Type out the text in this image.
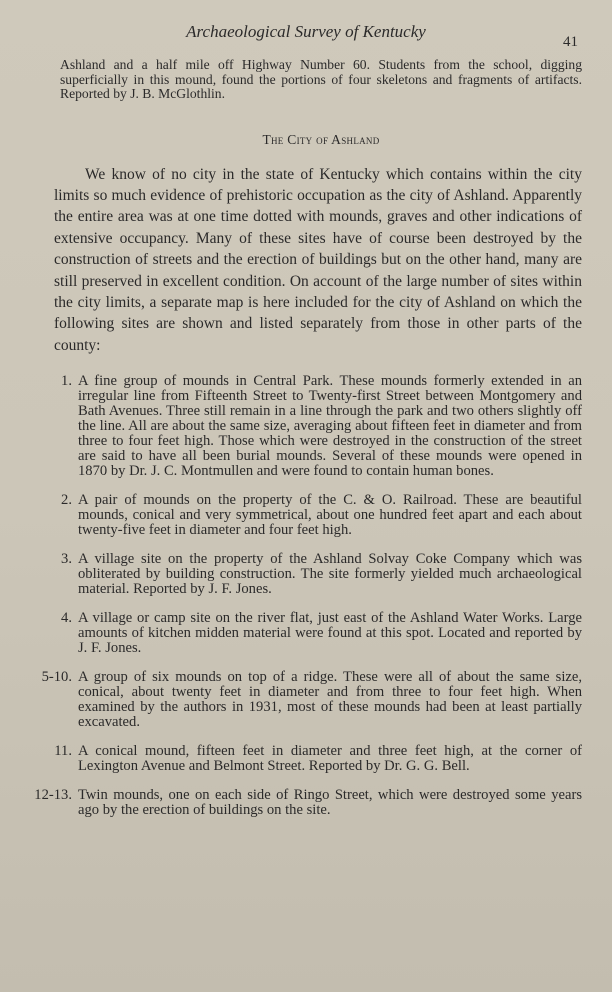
Archaeological Survey of Kentucky
41

Ashland and a half mile off Highway Number 60. Students from the school, digging superficially in this mound, found the portions of four skeletons and fragments of artifacts. Reported by J. B. McGlothlin.

The City of Ashland

We know of no city in the state of Kentucky which contains within the city limits so much evidence of prehistoric occupation as the city of Ashland. Apparently the entire area was at one time dotted with mounds, graves and other indications of extensive occupancy. Many of these sites have of course been destroyed by the construction of streets and the erection of buildings but on the other hand, many are still preserved in excellent condition. On account of the large number of sites within the city limits, a separate map is here included for the city of Ashland on which the following sites are shown and listed separately from those in other parts of the county:

1. A fine group of mounds in Central Park. These mounds formerly extended in an irregular line from Fifteenth Street to Twenty-first Street between Montgomery and Bath Avenues. Three still remain in a line through the park and two others slightly off the line. All are about the same size, averaging about fifteen feet in diameter and from three to four feet high. Those which were destroyed in the construction of the street are said to have all been burial mounds. Several of these mounds were opened in 1870 by Dr. J. C. Montmullen and were found to contain human bones.
2. A pair of mounds on the property of the C. & O. Railroad. These are beautiful mounds, conical and very symmetrical, about one hundred feet apart and each about twenty-five feet in diameter and four feet high.
3. A village site on the property of the Ashland Solvay Coke Company which was obliterated by building construction. The site formerly yielded much archaeological material. Reported by J. F. Jones.
4. A village or camp site on the river flat, just east of the Ashland Water Works. Large amounts of kitchen midden material were found at this spot. Located and reported by J. F. Jones.
5-10. A group of six mounds on top of a ridge. These were all of about the same size, conical, about twenty feet in diameter and from three to four feet high. When examined by the authors in 1931, most of these mounds had been at least partially excavated.
11. A conical mound, fifteen feet in diameter and three feet high, at the corner of Lexington Avenue and Belmont Street. Reported by Dr. G. G. Bell.
12-13. Twin mounds, one on each side of Ringo Street, which were destroyed some years ago by the erection of buildings on the site.
